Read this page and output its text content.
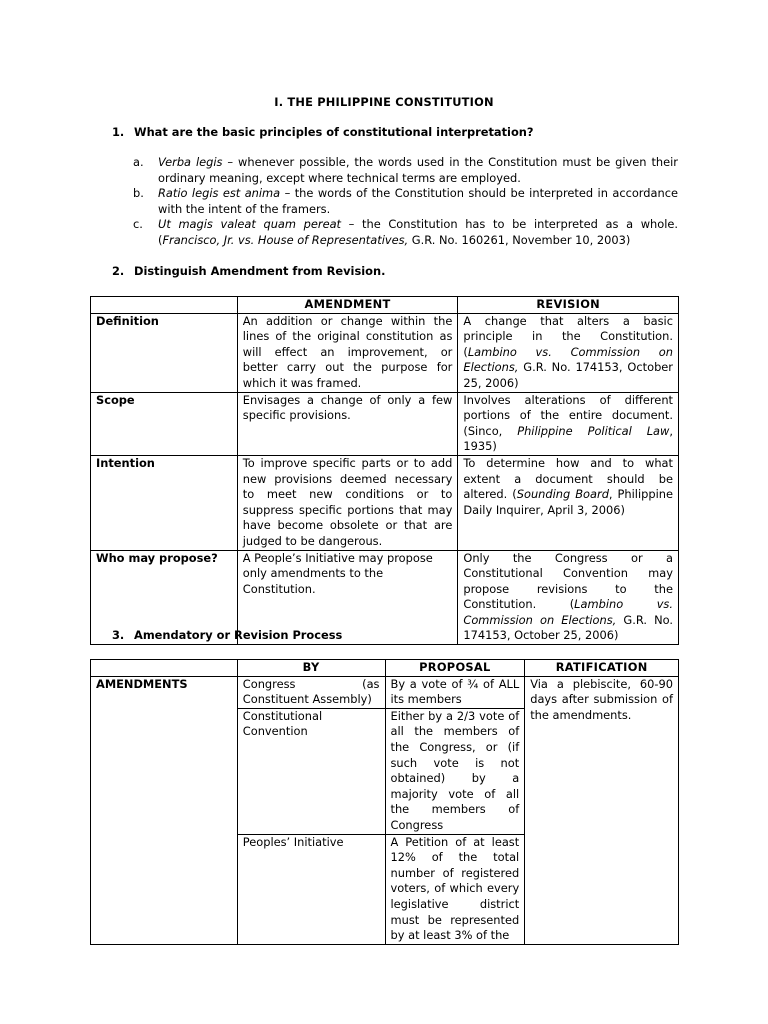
I. THE PHILIPPINE CONSTITUTION
1. What are the basic principles of constitutional interpretation?
a.	Verba legis – whenever possible, the words used in the Constitution must be given their ordinary meaning, except where technical terms are employed.
b.	Ratio legis est anima – the words of the Constitution should be interpreted in accordance with the intent of the framers.
c.	Ut magis valeat quam pereat – the Constitution has to be interpreted as a whole. (Francisco, Jr. vs. House of Representatives, G.R. No. 160261, November 10, 2003)
2. Distinguish Amendment from Revision.
	AMENDMENT	REVISION
Definition	An addition or change within the lines of the original constitution as will effect an improvement, or better carry out the purpose for which it was framed.	A change that alters a basic principle in the Constitution. (Lambino vs. Commission on Elections, G.R. No. 174153, October 25, 2006)
Scope	Envisages a change of only a few specific provisions.	Involves alterations of different portions of the entire document. (Sinco, Philippine Political Law, 1935)
Intention	To improve specific parts or to add new provisions deemed necessary to meet new conditions or to suppress specific portions that may have become obsolete or that are judged to be dangerous.	To determine how and to what extent a document should be altered. (Sounding Board, Philippine Daily Inquirer, April 3, 2006)
Who may propose?	A People’s Initiative may propose only amendments to the Constitution.	Only the Congress or a Constitutional Convention may propose revisions to the Constitution. (Lambino vs. Commission on Elections, G.R. No. 174153, October 25, 2006)
3. Amendatory or Revision Process
	BY	PROPOSAL	RATIFICATION
AMENDMENTS	Congress (as Constituent Assembly)	By a vote of ¾ of ALL its members	Via a plebiscite, 60-90 days after submission of the amendments.
	Constitutional Convention	Either by a 2/3 vote of all the members of the Congress, or (if such vote is not obtained) by a majority vote of all the members of Congress	
	Peoples’ Initiative	A Petition of at least 12% of the total number of registered voters, of which every legislative district must be represented by at least 3% of the	
